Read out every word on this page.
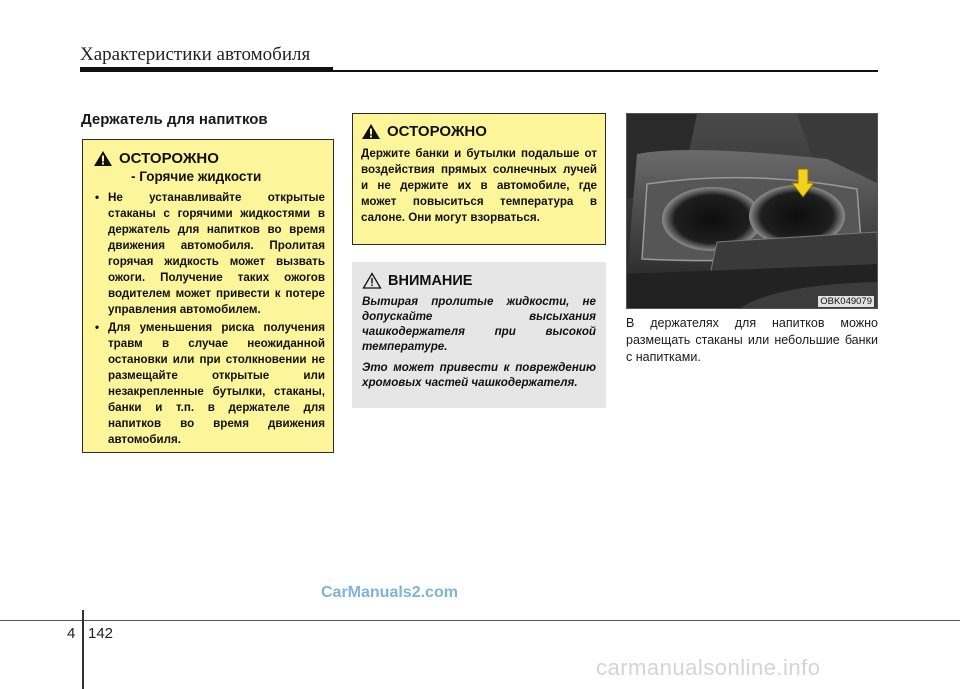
Характеристики автомобиля
Держатель для напитков
ОСТОРОЖНО
- Горячие жидкости
• Не устанавливайте открытые стаканы с горячими жидкостями в держатель для напитков во время движения автомобиля. Пролитая горячая жидкость может вызвать ожоги. Получение таких ожогов водителем может привести к потере управления автомобилем.
• Для уменьшения риска получения травм в случае неожиданной остановки или при столкновении не размещайте открытые или незакрепленные бутылки, стаканы, банки и т.п. в держателе для напитков во время движения автомобиля.
ОСТОРОЖНО
Держите банки и бутылки подальше от воздействия прямых солнечных лучей и не держите их в автомобиле, где может повыситься температура в салоне. Они могут взорваться.
ВНИМАНИЕ

Вытирая пролитые жидкости, не допускайте высыхания чашкодержателя при высокой температуре.

Это может привести к повреждению хромовых частей чашкодержателя.

OBK049079
В держателях для напитков можно размещать стаканы или небольшие банки с напитками.
CarManuals2.com
4 142
carmanualsonline.info
